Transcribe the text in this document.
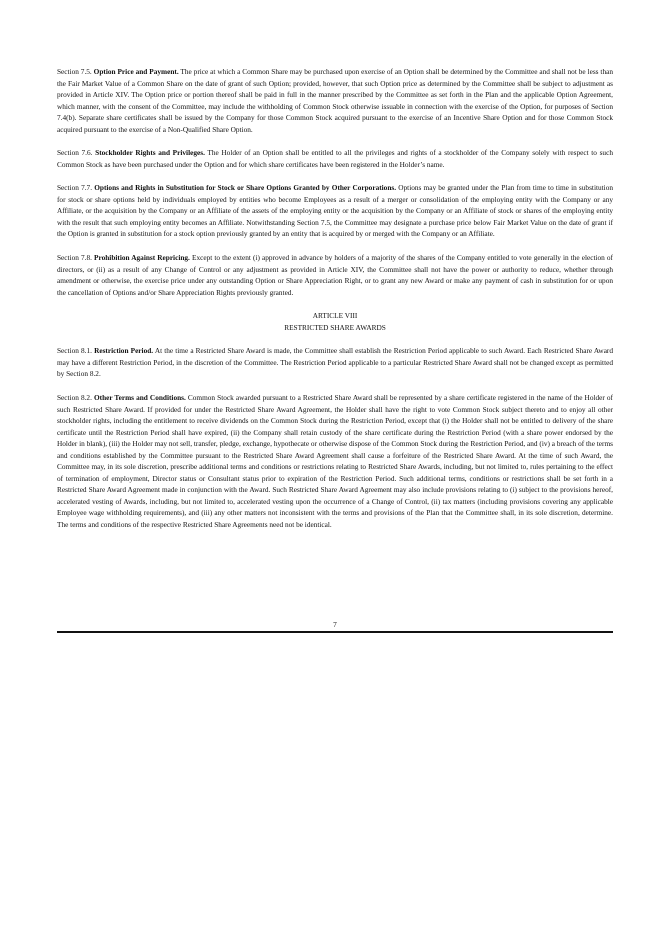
Section 7.5. Option Price and Payment. The price at which a Common Share may be purchased upon exercise of an Option shall be determined by the Committee and shall not be less than the Fair Market Value of a Common Share on the date of grant of such Option; provided, however, that such Option price as determined by the Committee shall be subject to adjustment as provided in Article XIV. The Option price or portion thereof shall be paid in full in the manner prescribed by the Committee as set forth in the Plan and the applicable Option Agreement, which manner, with the consent of the Committee, may include the withholding of Common Stock otherwise issuable in connection with the exercise of the Option, for purposes of Section 7.4(b). Separate share certificates shall be issued by the Company for those Common Stock acquired pursuant to the exercise of an Incentive Share Option and for those Common Stock acquired pursuant to the exercise of a Non-Qualified Share Option.

Section 7.6. Stockholder Rights and Privileges. The Holder of an Option shall be entitled to all the privileges and rights of a stockholder of the Company solely with respect to such Common Stock as have been purchased under the Option and for which share certificates have been registered in the Holder’s name.

Section 7.7. Options and Rights in Substitution for Stock or Share Options Granted by Other Corporations. Options may be granted under the Plan from time to time in substitution for stock or share options held by individuals employed by entities who become Employees as a result of a merger or consolidation of the employing entity with the Company or any Affiliate, or the acquisition by the Company or an Affiliate of the assets of the employing entity or the acquisition by the Company or an Affiliate of stock or shares of the employing entity with the result that such employing entity becomes an Affiliate. Notwithstanding Section 7.5, the Committee may designate a purchase price below Fair Market Value on the date of grant if the Option is granted in substitution for a stock option previously granted by an entity that is acquired by or merged with the Company or an Affiliate.

Section 7.8. Prohibition Against Repricing. Except to the extent (i) approved in advance by holders of a majority of the shares of the Company entitled to vote generally in the election of directors, or (ii) as a result of any Change of Control or any adjustment as provided in Article XIV, the Committee shall not have the power or authority to reduce, whether through amendment or otherwise, the exercise price under any outstanding Option or Share Appreciation Right, or to grant any new Award or make any payment of cash in substitution for or upon the cancellation of Options and/or Share Appreciation Rights previously granted.

ARTICLE VIII
RESTRICTED SHARE AWARDS

Section 8.1. Restriction Period. At the time a Restricted Share Award is made, the Committee shall establish the Restriction Period applicable to such Award. Each Restricted Share Award may have a different Restriction Period, in the discretion of the Committee. The Restriction Period applicable to a particular Restricted Share Award shall not be changed except as permitted by Section 8.2.

Section 8.2. Other Terms and Conditions. Common Stock awarded pursuant to a Restricted Share Award shall be represented by a share certificate registered in the name of the Holder of such Restricted Share Award. If provided for under the Restricted Share Award Agreement, the Holder shall have the right to vote Common Stock subject thereto and to enjoy all other stockholder rights, including the entitlement to receive dividends on the Common Stock during the Restriction Period, except that (i) the Holder shall not be entitled to delivery of the share certificate until the Restriction Period shall have expired, (ii) the Company shall retain custody of the share certificate during the Restriction Period (with a share power endorsed by the Holder in blank), (iii) the Holder may not sell, transfer, pledge, exchange, hypothecate or otherwise dispose of the Common Stock during the Restriction Period, and (iv) a breach of the terms and conditions established by the Committee pursuant to the Restricted Share Award Agreement shall cause a forfeiture of the Restricted Share Award. At the time of such Award, the Committee may, in its sole discretion, prescribe additional terms and conditions or restrictions relating to Restricted Share Awards, including, but not limited to, rules pertaining to the effect of termination of employment, Director status or Consultant status prior to expiration of the Restriction Period. Such additional terms, conditions or restrictions shall be set forth in a Restricted Share Award Agreement made in conjunction with the Award. Such Restricted Share Award Agreement may also include provisions relating to (i) subject to the provisions hereof, accelerated vesting of Awards, including, but not limited to, accelerated vesting upon the occurrence of a Change of Control, (ii) tax matters (including provisions covering any applicable Employee wage withholding requirements), and (iii) any other matters not inconsistent with the terms and provisions of the Plan that the Committee shall, in its sole discretion, determine. The terms and conditions of the respective Restricted Share Agreements need not be identical.

7
